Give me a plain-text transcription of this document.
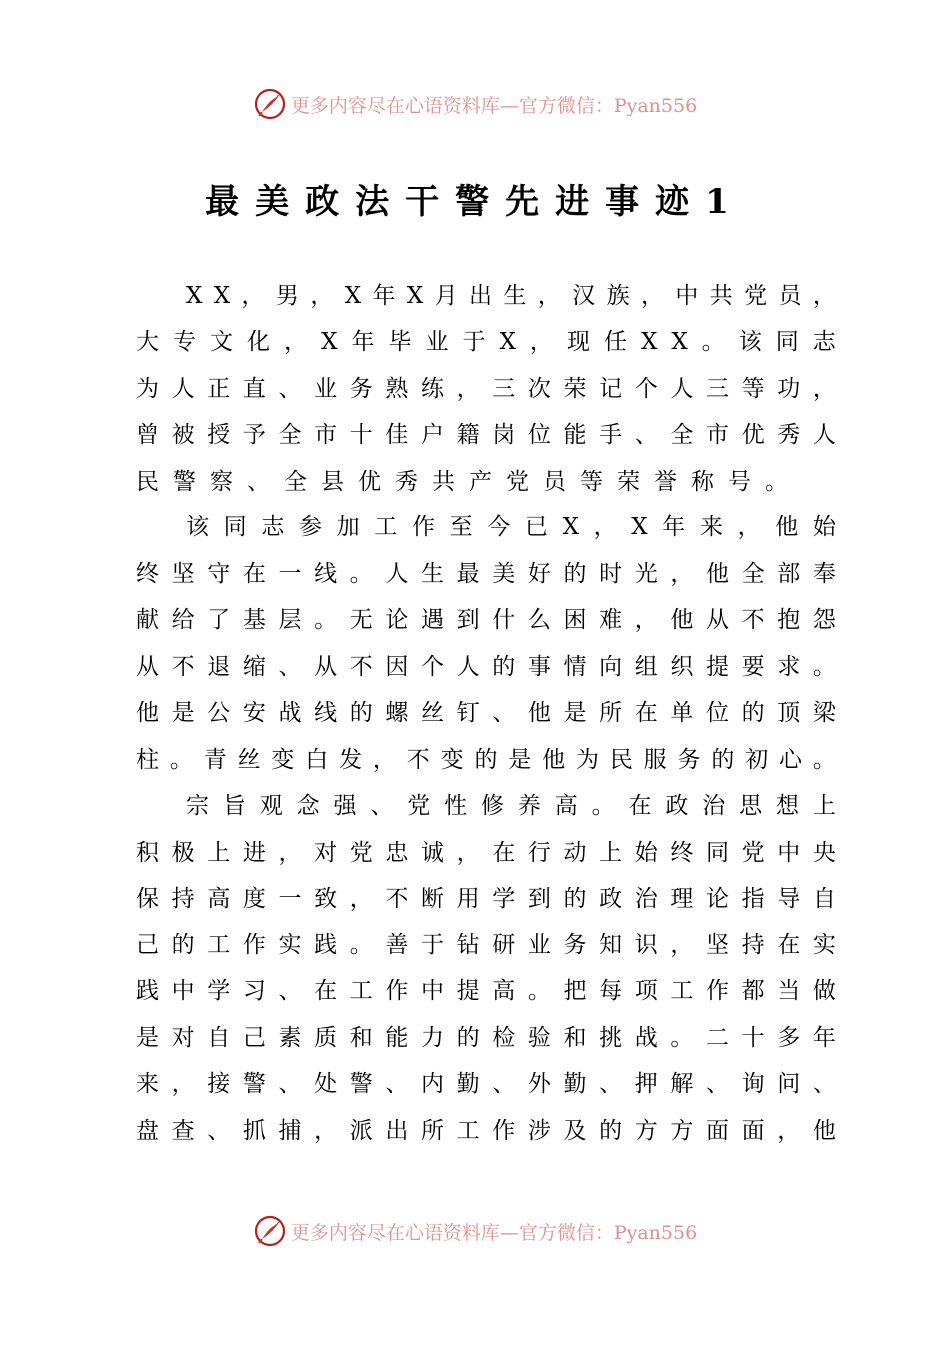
更多内容尽在心语资料库—官方微信：Pyan556
最美政法干警先进事迹1
X X ， 男 ， X 年 X 月 出 生 ， 汉 族 ， 中 共 党 员 ，
大 专 文 化 ， X 年 毕 业 于 X ， 现 任 X X 。 该 同 志
为 人 正 直 、 业 务 熟 练 ， 三 次 荣 记 个 人 三 等 功 ，
曾 被 授 予 全 市 十 佳 户 籍 岗 位 能 手 、 全 市 优 秀 人
民警察、全县优秀共产党员等荣誉称号。
该 同 志 参 加 工 作 至 今 已 X ， X 年 来 ， 他 始
终 坚 守 在 一 线 。 人 生 最 美 好 的 时 光 ， 他 全 部 奉
献 给 了 基 层 。 无 论 遇 到 什 么 困 难 ， 他 从 不 抱 怨
从 不 退 缩 、 从 不 因 个 人 的 事 情 向 组 织 提 要 求 。
他 是 公 安 战 线 的 螺 丝 钉 、 他 是 所 在 单 位 的 顶 梁
柱 。 青 丝 变 白 发 ， 不 变 的 是 他 为 民 服 务 的 初 心 。
宗 旨 观 念 强 、 党 性 修 养 高 。 在 政 治 思 想 上
积 极 上 进 ， 对 党 忠 诚 ， 在 行 动 上 始 终 同 党 中 央
保 持 高 度 一 致 ， 不 断 用 学 到 的 政 治 理 论 指 导 自
己 的 工 作 实 践 。 善 于 钻 研 业 务 知 识 ， 坚 持 在 实
践 中 学 习 、 在 工 作 中 提 高 。 把 每 项 工 作 都 当 做
是 对 自 己 素 质 和 能 力 的 检 验 和 挑 战 。 二 十 多 年
来 ， 接 警 、 处 警 、 内 勤 、 外 勤 、 押 解 、 询 问 、
盘 查 、 抓 捕 ， 派 出 所 工 作 涉 及 的 方 方 面 面 ， 他
更多内容尽在心语资料库—官方微信：Pyan556
